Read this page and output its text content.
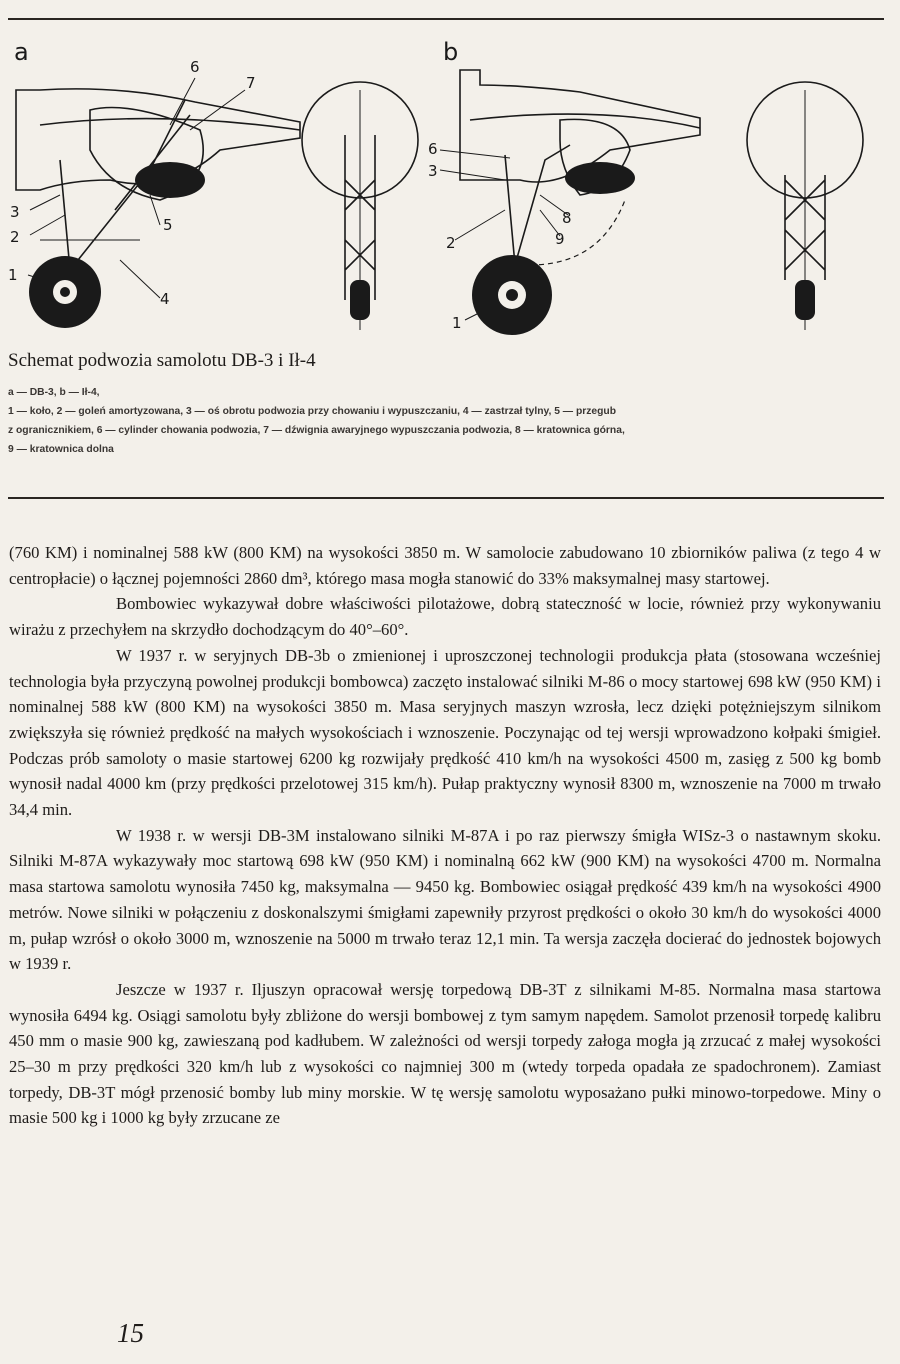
a	b
6
7
3
2
5
1
4
6
3
8
2	9
1
Schemat podwozia samolotu DB-3 i Ił-4
a — DB-3, b — Ił-4,
1 — koło, 2 — goleń amortyzowana, 3 — oś obrotu podwozia przy chowaniu i wypuszczaniu, 4 — zastrzał tylny, 5 — przegub
z ogranicznikiem, 6 — cylinder chowania podwozia, 7 — dźwignia awaryjnego wypuszczania podwozia, 8 — kratownica górna,
9 — kratownica dolna

(760 KM) i nominalnej 588 kW (800 KM) na wysokości 3850 m. W samolocie zabudowano 10 zbiorników paliwa (z tego 4 w centropłacie) o łącznej pojemności 2860 dm³, którego masa mogła stanowić do 33% maksymalnej masy startowej.

Bombowiec wykazywał dobre właściwości pilotażowe, dobrą stateczność w locie, również przy wykonywaniu wirażu z przechyłem na skrzydło dochodzącym do 40°–60°.

W 1937 r. w seryjnych DB-3b o zmienionej i uproszczonej technologii produkcja płata (stosowana wcześniej technologia była przyczyną powolnej produkcji bombowca) zaczęto instalować silniki M-86 o mocy startowej 698 kW (950 KM) i nominalnej 588 kW (800 KM) na wysokości 3850 m. Masa seryjnych maszyn wzrosła, lecz dzięki potężniejszym silnikom zwiększyła się również prędkość na małych wysokościach i wznoszenie. Poczynając od tej wersji wprowadzono kołpaki śmigieł. Podczas prób samoloty o masie startowej 6200 kg rozwijały prędkość 410 km/h na wysokości 4500 m, zasięg z 500 kg bomb wynosił nadal 4000 km (przy prędkości przelotowej 315 km/h). Pułap praktyczny wynosił 8300 m, wznoszenie na 7000 m trwało 34,4 min.

W 1938 r. w wersji DB-3M instalowano silniki M-87A i po raz pierwszy śmigła WISz-3 o nastawnym skoku. Silniki M-87A wykazywały moc startową 698 kW (950 KM) i nominalną 662 kW (900 KM) na wysokości 4700 m. Normalna masa startowa samolotu wynosiła 7450 kg, maksymalna — 9450 kg. Bombowiec osiągał prędkość 439 km/h na wysokości 4900 metrów. Nowe silniki w połączeniu z doskonalszymi śmigłami zapewniły przyrost prędkości o około 30 km/h do wysokości 4000 m, pułap wzrósł o około 3000 m, wznoszenie na 5000 m trwało teraz 12,1 min. Ta wersja zaczęła docierać do jednostek bojowych w 1939 r.

Jeszcze w 1937 r. Iljuszyn opracował wersję torpedową DB-3T z silnikami M-85. Normalna masa startowa wynosiła 6494 kg. Osiągi samolotu były zbliżone do wersji bombowej z tym samym napędem. Samolot przenosił torpedę kalibru 450 mm o masie 900 kg, zawieszaną pod kadłubem. W zależności od wersji torpedy załoga mogła ją zrzucać z małej wysokości 25–30 m przy prędkości 320 km/h lub z wysokości co najmniej 300 m (wtedy torpeda opadała ze spadochronem). Zamiast torpedy, DB-3T mógł przenosić bomby lub miny morskie. W tę wersję samolotu wyposażano pułki minowo-torpedowe. Miny o masie 500 kg i 1000 kg były zrzucane ze

15
